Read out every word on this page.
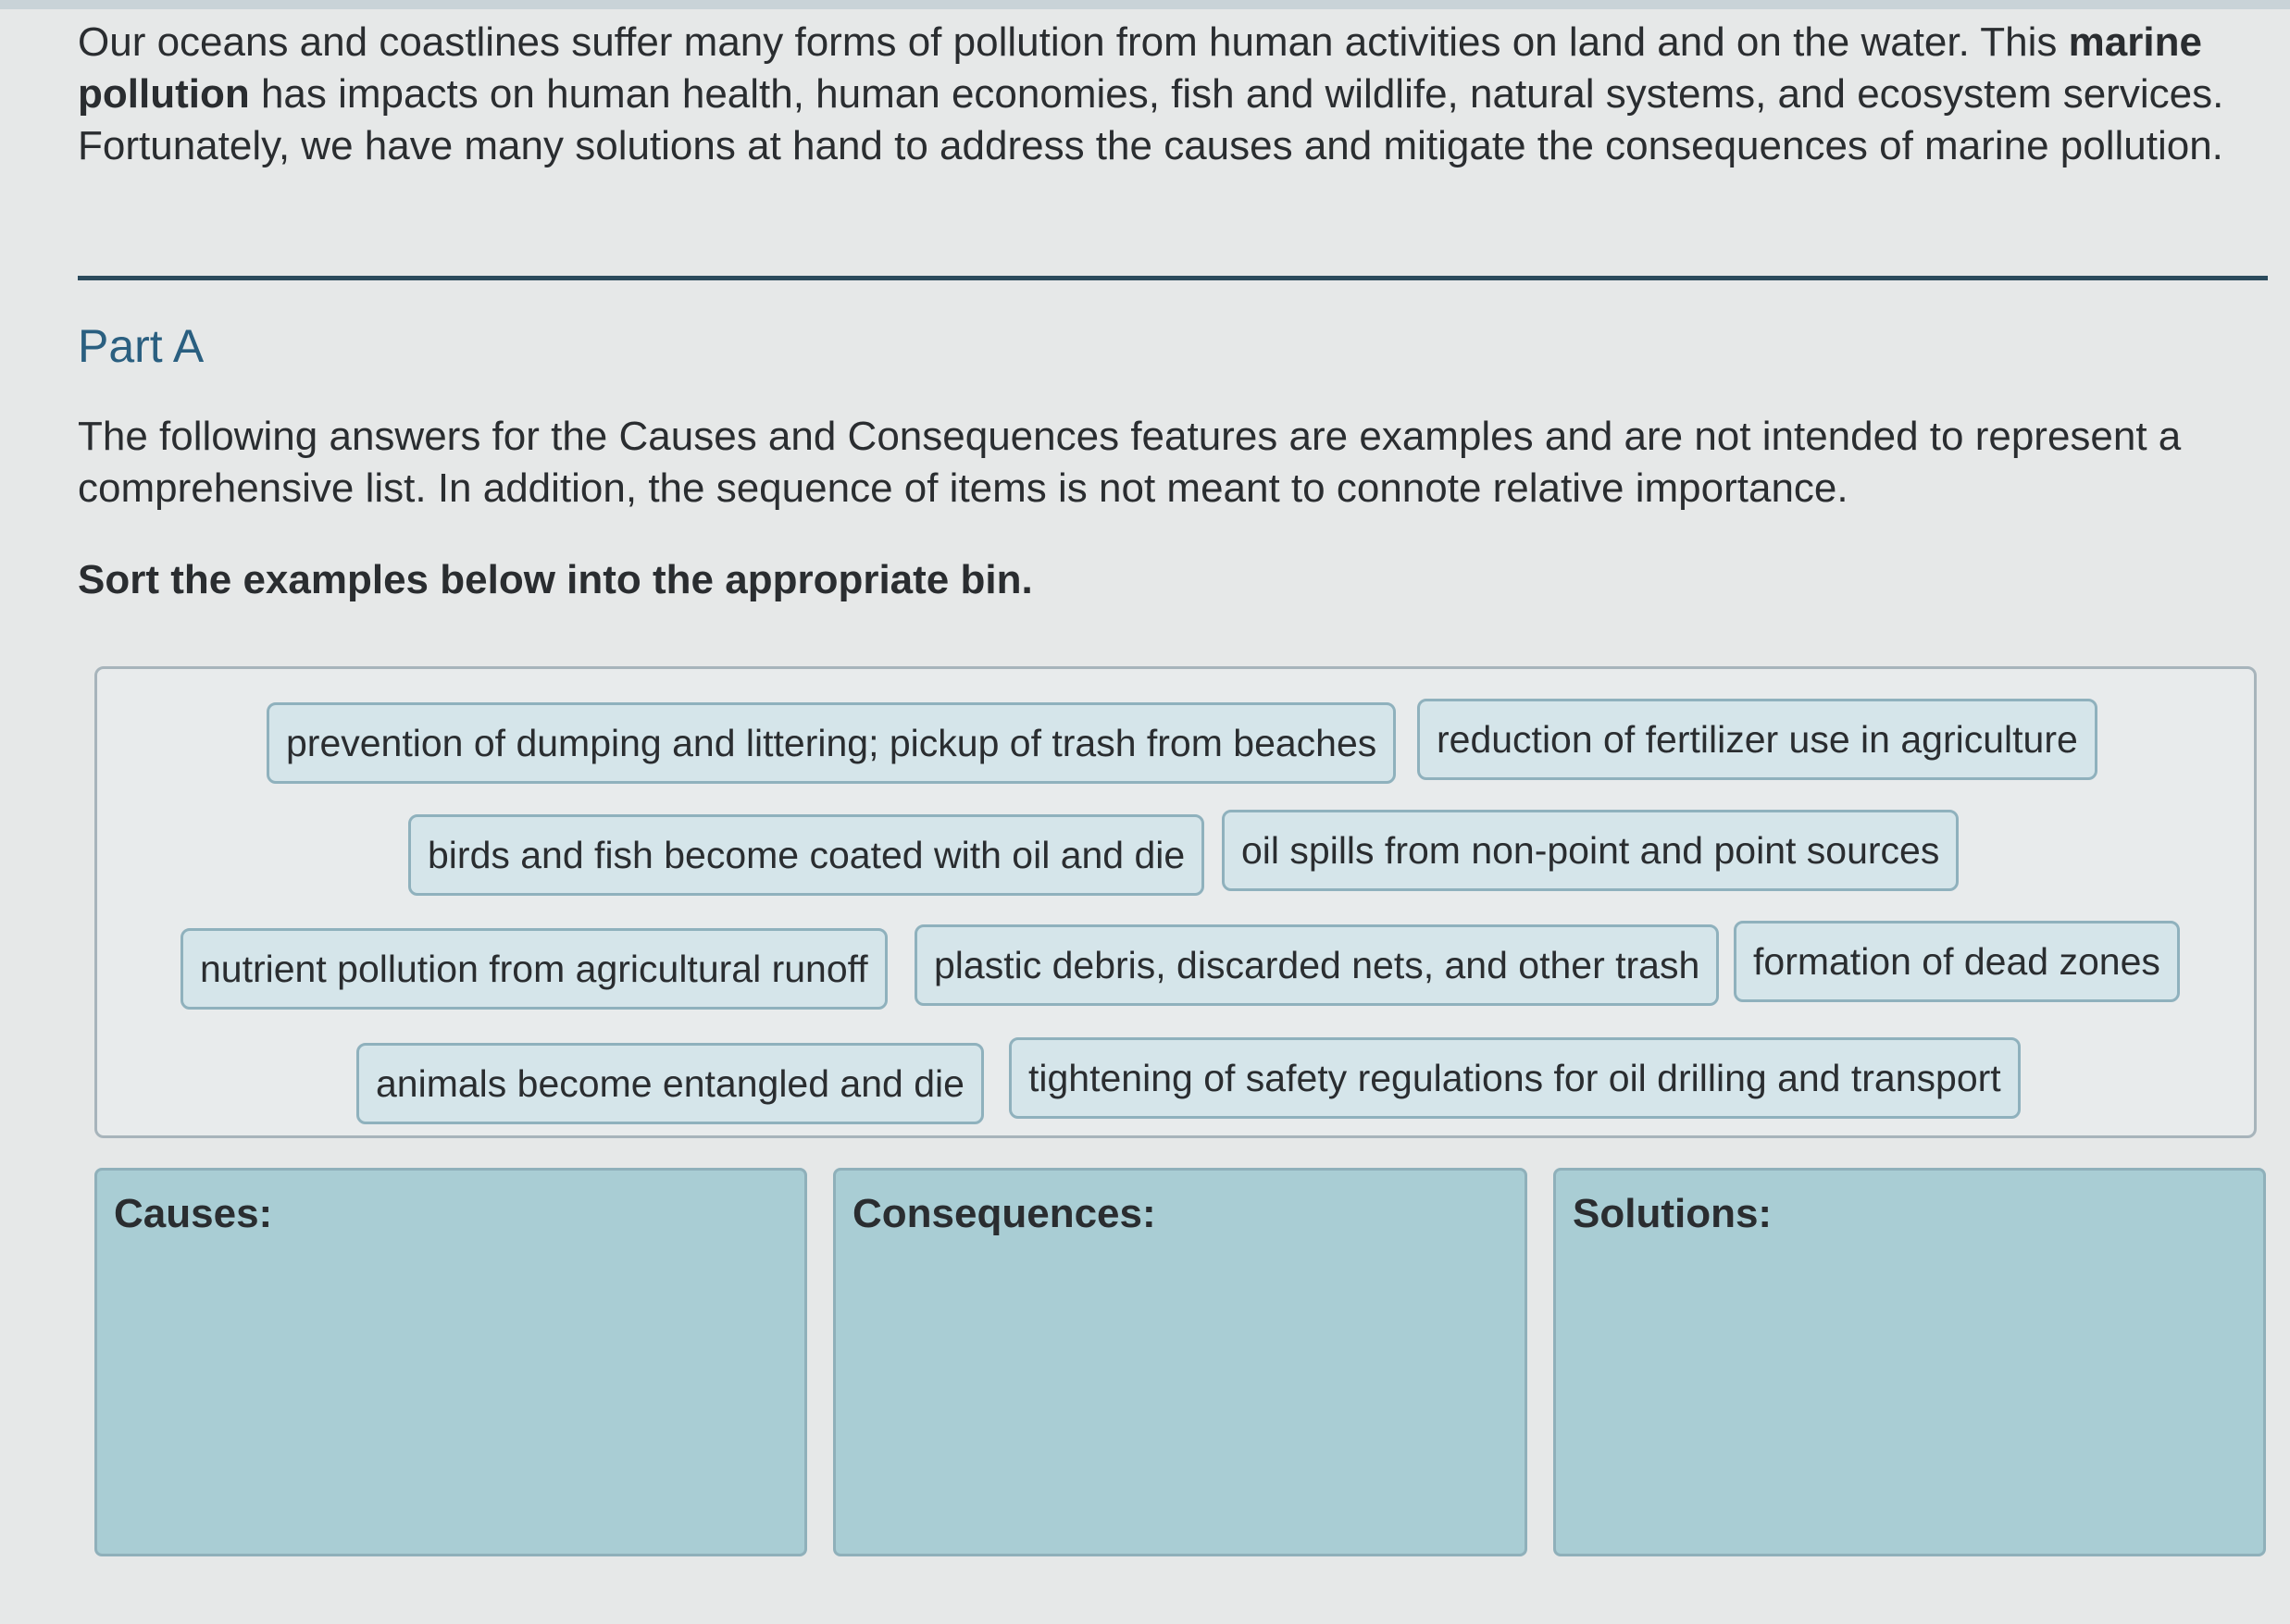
Our oceans and coastlines suffer many forms of pollution from human activities on land and on the water. This marine pollution has impacts on human health, human economies, fish and wildlife, natural systems, and ecosystem services. Fortunately, we have many solutions at hand to address the causes and mitigate the consequences of marine pollution.

Part A

The following answers for the Causes and Consequences features are examples and are not intended to represent a comprehensive list. In addition, the sequence of items is not meant to connote relative importance.

Sort the examples below into the appropriate bin.

prevention of dumping and littering; pickup of trash from beaches	reduction of fertilizer use in agriculture
birds and fish become coated with oil and die	oil spills from non-point and point sources
nutrient pollution from agricultural runoff	plastic debris, discarded nets, and other trash	formation of dead zones
animals become entangled and die	tightening of safety regulations for oil drilling and transport
Causes:	Consequences:	Solutions:
